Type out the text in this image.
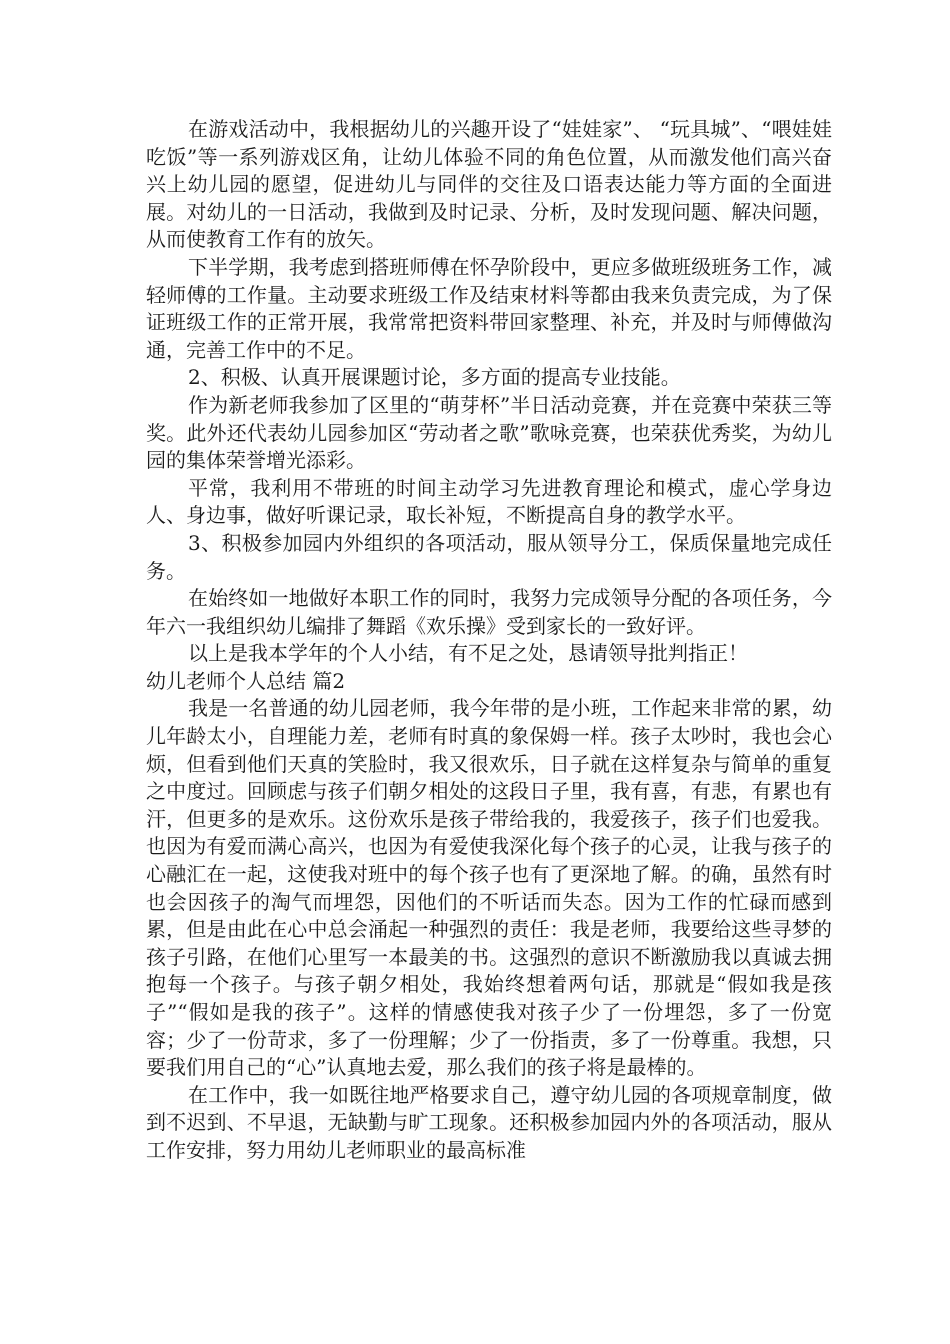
在游戏活动中，我根据幼儿的兴趣开设了“娃娃家”、 “玩具城”、“喂娃娃吃饭”等一系列游戏区角，让幼儿体验不同的角色位置，从而激发他们高兴奋兴上幼儿园的愿望，促进幼儿与同伴的交往及口语表达能力等方面的全面进展。对幼儿的一日活动，我做到及时记录、分析，及时发现问题、解决问题，从而使教育工作有的放矢。

下半学期，我考虑到搭班师傅在怀孕阶段中，更应多做班级班务工作，减轻师傅的工作量。主动要求班级工作及结束材料等都由我来负责完成，为了保证班级工作的正常开展，我常常把资料带回家整理、补充，并及时与师傅做沟通，完善工作中的不足。

2、积极、认真开展课题讨论，多方面的提高专业技能。

作为新老师我参加了区里的“萌芽杯”半日活动竞赛，并在竞赛中荣获三等奖。此外还代表幼儿园参加区“劳动者之歌”歌咏竞赛，也荣获优秀奖，为幼儿园的集体荣誉增光添彩。

平常，我利用不带班的时间主动学习先进教育理论和模式，虚心学身边人、身边事，做好听课记录，取长补短，不断提高自身的教学水平。

3、积极参加园内外组织的各项活动，服从领导分工，保质保量地完成任务。

在始终如一地做好本职工作的同时，我努力完成领导分配的各项任务，今年六一我组织幼儿编排了舞蹈《欢乐操》受到家长的一致好评。

以上是我本学年的个人小结，有不足之处，恳请领导批判指正！

幼儿老师个人总结 篇2

我是一名普通的幼儿园老师，我今年带的是小班，工作起来非常的累，幼儿年龄太小，自理能力差，老师有时真的象保姆一样。孩子太吵时，我也会心烦，但看到他们天真的笑脸时，我又很欢乐，日子就在这样复杂与简单的重复之中度过。回顾虑与孩子们朝夕相处的这段日子里，我有喜，有悲，有累也有汗，但更多的是欢乐。这份欢乐是孩子带给我的，我爱孩子，孩子们也爱我。也因为有爱而满心高兴，也因为有爱使我深化每个孩子的心灵，让我与孩子的心融汇在一起，这使我对班中的每个孩子也有了更深地了解。的确，虽然有时也会因孩子的淘气而埋怨，因他们的不听话而失态。因为工作的忙碌而感到累，但是由此在心中总会涌起一种强烈的责任：我是老师，我要给这些寻梦的孩子引路，在他们心里写一本最美的书。这强烈的意识不断激励我以真诚去拥抱每一个孩子。与孩子朝夕相处，我始终想着两句话，那就是“假如我是孩子”“假如是我的孩子”。这样的情感使我对孩子少了一份埋怨，多了一份宽容；少了一份苛求，多了一份理解；少了一份指责，多了一份尊重。我想，只要我们用自己的“心”认真地去爱，那么我们的孩子将是最棒的。

在工作中，我一如既往地严格要求自己，遵守幼儿园的各项规章制度，做到不迟到、不早退，无缺勤与旷工现象。还积极参加园内外的各项活动，服从工作安排，努力用幼儿老师职业的最高标准
